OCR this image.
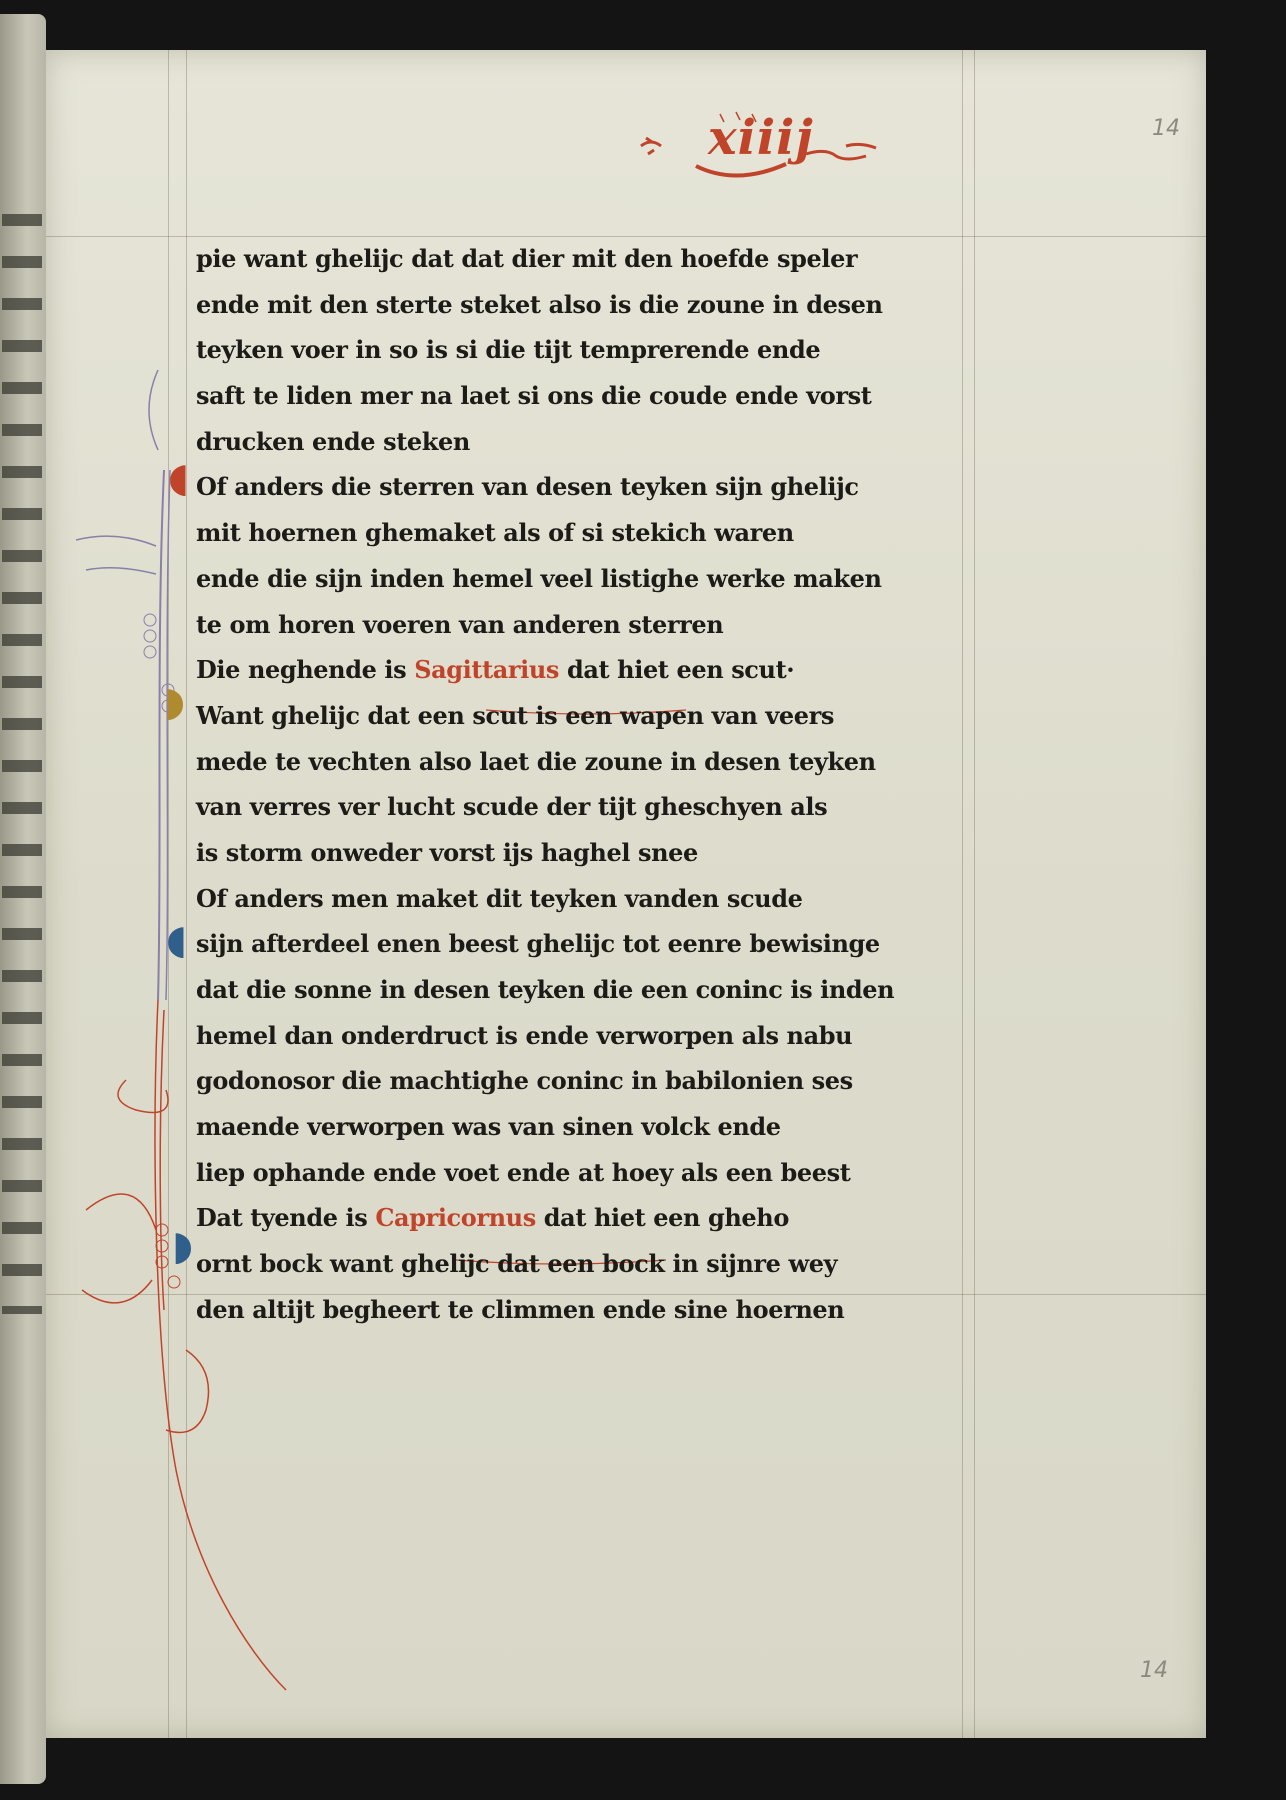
xiiij	14
14
◖
◗
◖
◗
pie want ghelijc dat dat dier mit den hoefde speler
ende mit den sterte steket also is die zoune in desen
teyken voer in so is si die tijt temprerende ende
saft te liden mer na laet si ons die coude ende vorst
drucken ende steken
Of anders die sterren van desen teyken sijn ghelijc
mit hoernen ghemaket als of si stekich waren
ende die sijn inden hemel veel listighe werke maken
te om horen voeren van anderen sterren
Die neghende is Sagittarius dat hiet een scut·
Want ghelijc dat een scut is een wapen van veers
mede te vechten also laet die zoune in desen teyken
van verres ver lucht scude der tijt gheschyen als
is storm onweder vorst ijs haghel snee
Of anders men maket dit teyken vanden scude
sijn afterdeel enen beest ghelijc tot eenre bewisinge
dat die sonne in desen teyken die een coninc is inden
hemel dan onderdruct is ende verworpen als nabu
godonosor die machtighe coninc in babilonien ses
maende verworpen was van sinen volck ende
liep ophande ende voet ende at hoey als een beest
Dat tyende is Capricornus dat hiet een gheho
ornt bock want ghelijc dat een bock in sijnre wey
den altijt begheert te climmen ende sine hoernen
